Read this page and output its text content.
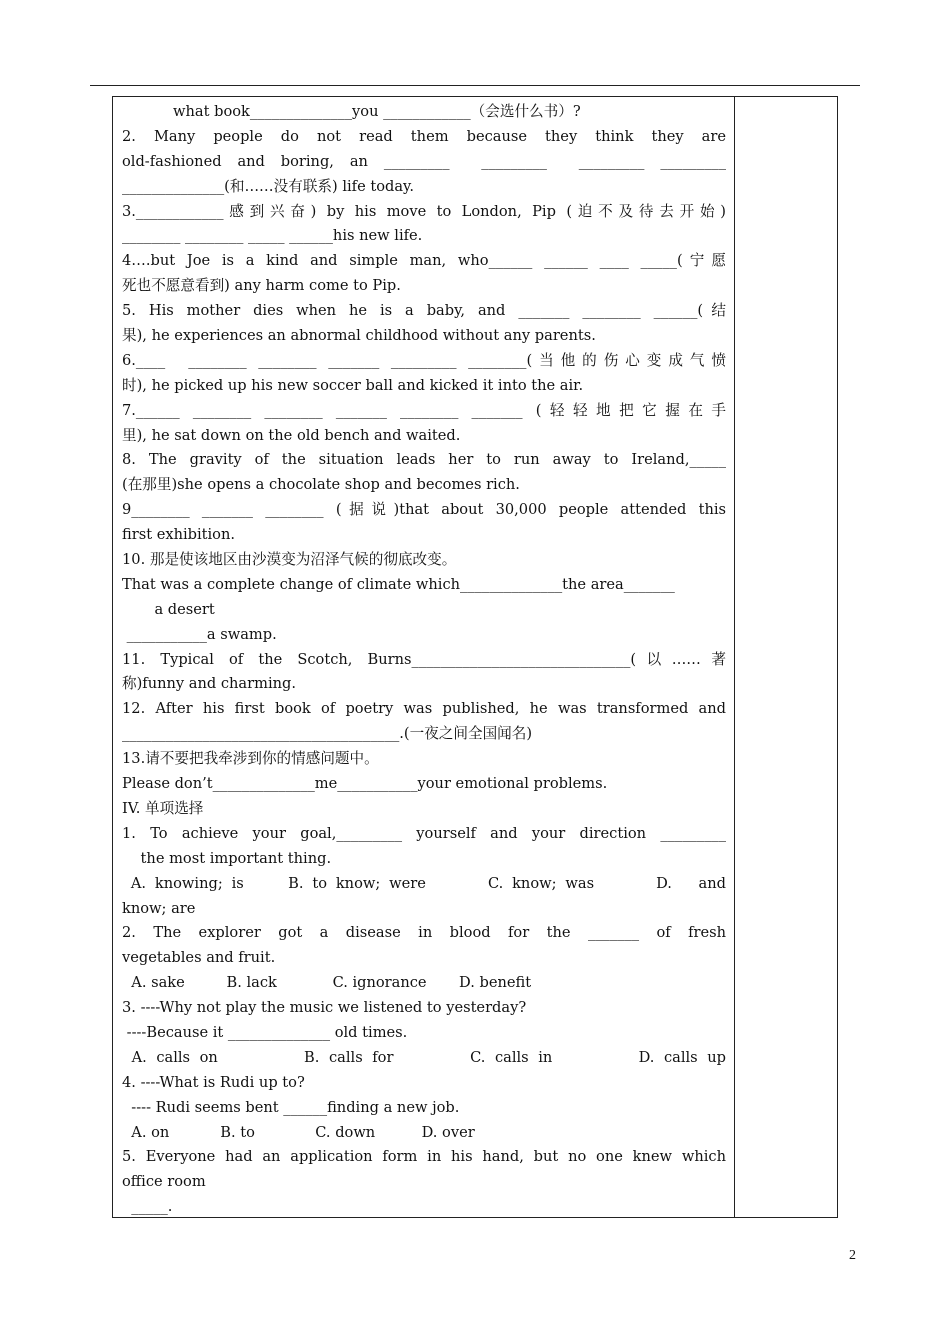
what book______________you ____________（会选什么书）?
2.  Many  people  do  not  read  them  because  they  think  they  are
old-fashioned and boring, an _________  _________  _________ _________
______________(和……没有联系) life today.
3.____________感到兴奋) by his move to London, Pip (迫不及待去开始)
________ ________ _____ ______his new life.
4….but Joe is a kind and simple man, who______ ______ ____ _____(宁愿
死也不愿意看到) any harm come to Pip.
5. His mother dies when he is a baby, and _______ ________ ______(结
果), he experiences an abnormal childhood without any parents.
6.____  ________ ________ _______ _________ ________(当他的伤心变成气愤
时), he picked up his new soccer ball and kicked it into the air.
7.______ ________ ________ _______ ________ _______ (轻轻地把它握在手
里), he sat down on the old bench and waited.
8. The gravity of the situation leads her to run away to Ireland,_____
(在那里)she opens a chocolate shop and becomes rich.
9________ _______ ________ (据说)that about 30,000 people attended this
first exhibition.
10. 那是使该地区由沙漠变为沼泽气候的彻底改变。
That was a complete change of climate which______________the area_______
a desert
___________a swamp.
11. Typical of the Scotch, Burns______________________________(以……著
称)funny and charming.
12. After his first book of poetry was published, he was transformed and
______________________________________.(一夜之间全国闻名)
13.请不要把我牵涉到你的情感问题中。
Please don’t______________me___________your emotional problems.
IV. 单项选择
1. To achieve your goal,_________ yourself and your direction _________
the most important thing.
A. knowing; is     B. to know; were       C. know; was       D.   and
know; are
2.  The  explorer  got  a  disease  in  blood  for  the  _______  of  fresh
vegetables and fruit.
A. sake         B. lack            C. ignorance       D. benefit
3. ----Why not play the music we listened to yesterday?
----Because it ______________ old times.
A. calls on         B. calls for        C. calls in         D. calls up
4. ----What is Rudi up to?
---- Rudi seems bent ______finding a new job.
A. on           B. to             C. down          D. over
5. Everyone had an application form in his hand, but no one knew which
office room
_____.
2
